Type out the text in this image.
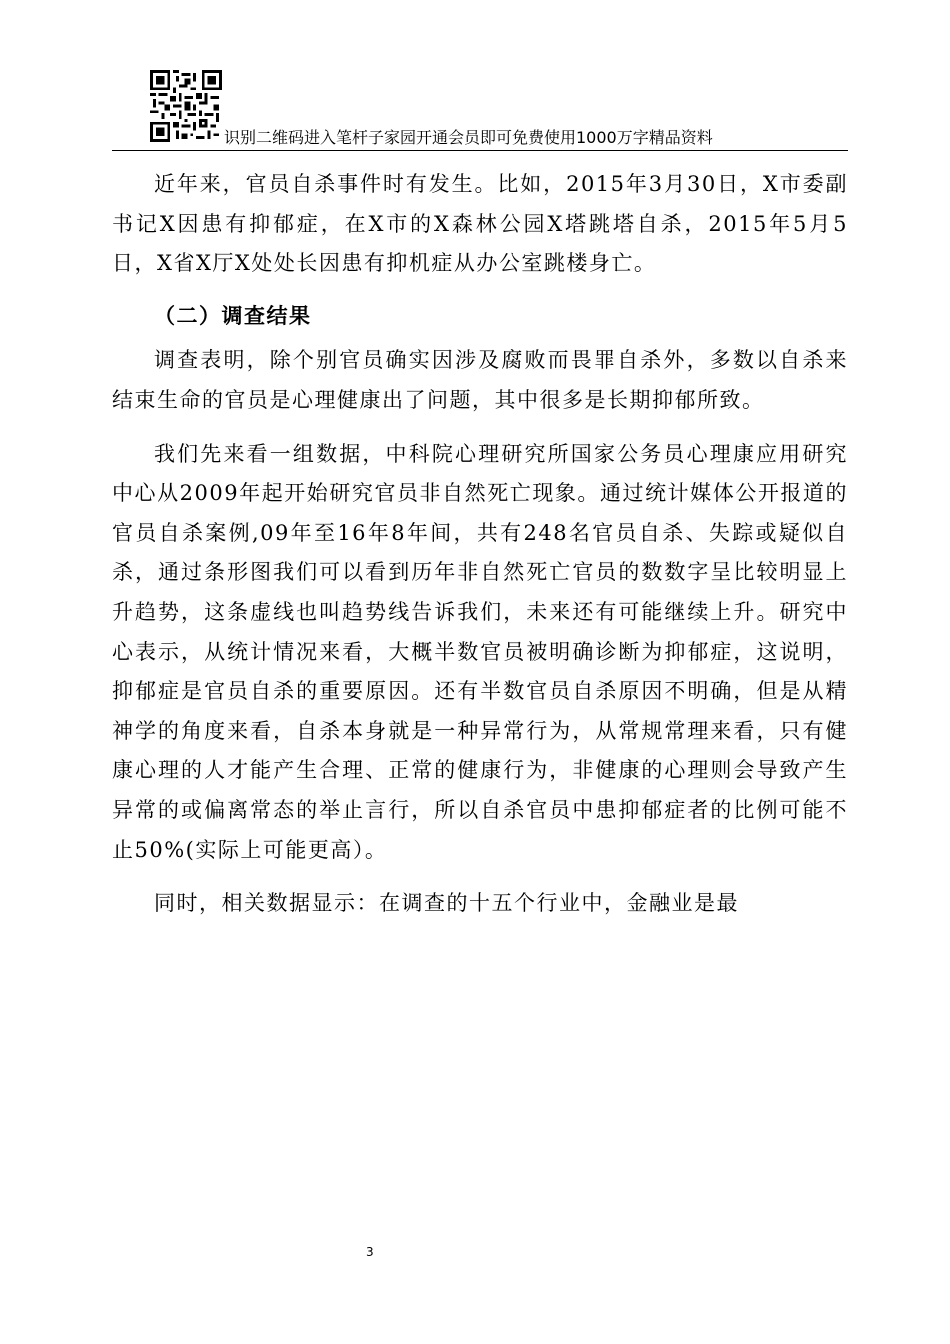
识别二维码进入笔杆子家园开通会员即可免费使用1000万字精品资料

近年来，官员自杀事件时有发生。比如，2015年3月30日，X市委副书记X因患有抑郁症，在X市的X森林公园X塔跳塔自杀，2015年5月5日，X省X厅X处处长因患有抑机症从办公室跳楼身亡。

（二）调查结果

调查表明，除个别官员确实因涉及腐败而畏罪自杀外，多数以自杀来结束生命的官员是心理健康出了问题，其中很多是长期抑郁所致。

我们先来看一组数据，中科院心理研究所国家公务员心理康应用研究中心从2009年起开始研究官员非自然死亡现象。通过统计媒体公开报道的官员自杀案例,09年至16年8年间，共有248名官员自杀、失踪或疑似自杀，通过条形图我们可以看到历年非自然死亡官员的数数字呈比较明显上升趋势，这条虚线也叫趋势线告诉我们，未来还有可能继续上升。研究中心表示，从统计情况来看，大概半数官员被明确诊断为抑郁症，这说明，抑郁症是官员自杀的重要原因。还有半数官员自杀原因不明确，但是从精神学的角度来看，自杀本身就是一种异常行为，从常规常理来看，只有健康心理的人才能产生合理、正常的健康行为，非健康的心理则会导致产生异常的或偏离常态的举止言行，所以自杀官员中患抑郁症者的比例可能不止50%(实际上可能更高）。

同时，相关数据显示：在调查的十五个行业中，金融业是最

3
